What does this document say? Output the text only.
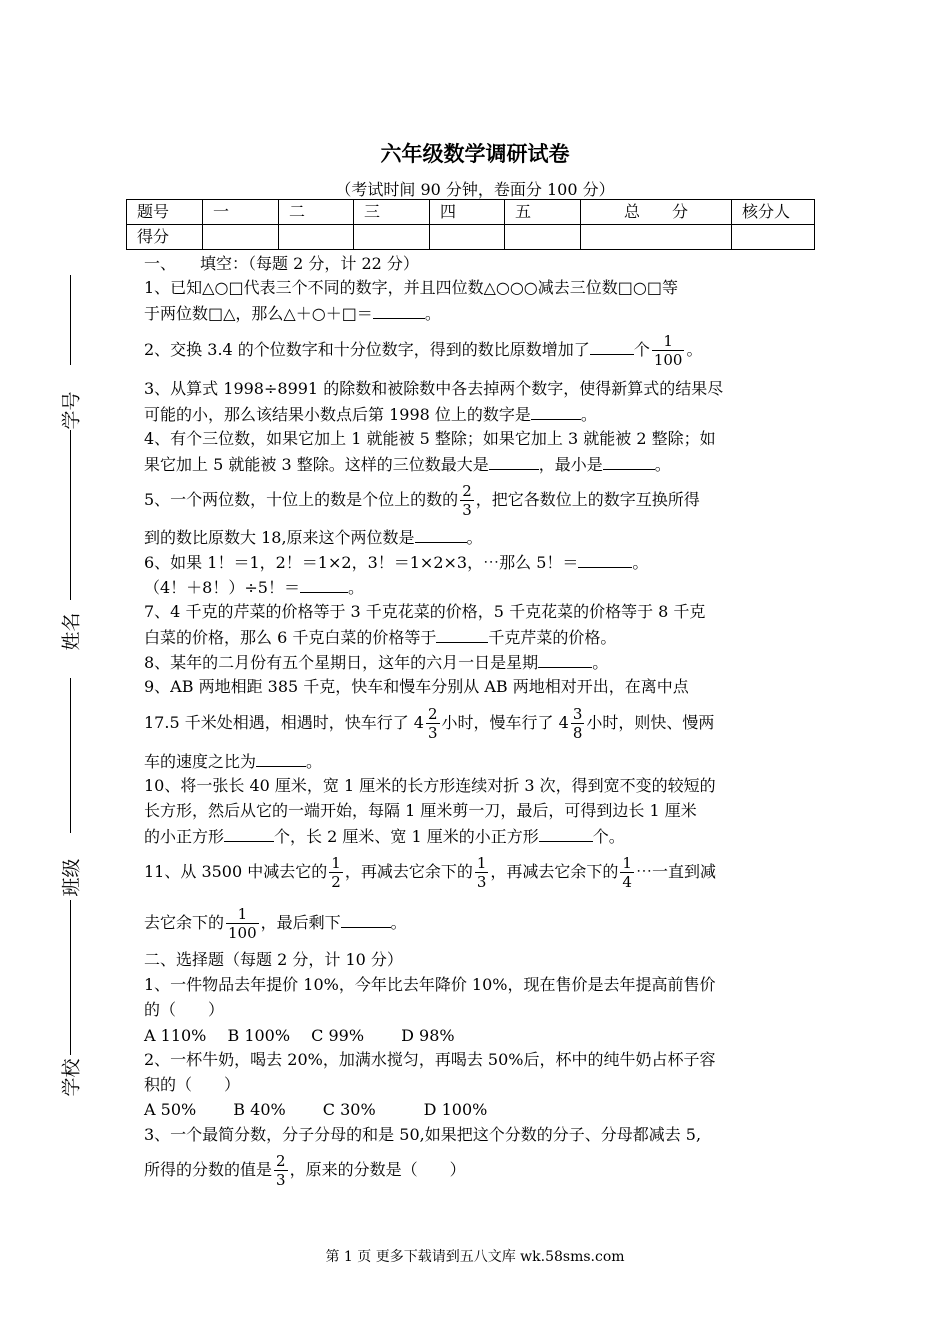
六年级数学调研试卷
（考试时间 90 分钟，卷面分 100 分）
题号	一	二	三	四	五	总　　分	核分人
得分							
学号
姓名
班级
学校
一、　　填空：（每题 2 分，计 22 分）
1、已知△○□代表三个不同的数字，并且四位数△○○○减去三位数□○□等
于两位数□△，那么△＋○＋□＝	。
2、交换 3.4 的个位数字和十分位数字，得到的数比原数增加了	个 $\frac{1}{100}$ 。
3、从算式 1998÷8991 的除数和被除数中各去掉两个数字，使得新算式的结果尽
可能的小，那么该结果小数点后第 1998 位上的数字是	。
4、有个三位数，如果它加上 1 就能被 5 整除；如果它加上 3 就能被 2 整除；如
果它加上 5 就能被 3 整除。这样的三位数最大是	，最小是	。
5、一个两位数，十位上的数是个位上的数的 $\frac{2}{3}$ ，把它各数位上的数字互换所得
到的数比原数大 18,原来这个两位数是	。
6、如果 1！＝1，2！＝1×2，3！＝1×2×3，⋯那么 5！＝	。
（4！＋8！）÷5！＝	。
7、4 千克的芹菜的价格等于 3 千克花菜的价格，5 千克花菜的价格等于 8 千克
白菜的价格，那么 6 千克白菜的价格等于	千克芹菜的价格。
8、某年的二月份有五个星期日，这年的六月一日是星期	。
9、AB 两地相距 385 千克，快车和慢车分别从 AB 两地相对开出，在离中点
17.5 千米处相遇，相遇时，快车行了 $4 \frac{2}{3}$ 小时，慢车行了 $4 \frac{3}{8}$ 小时，则快、慢两
车的速度之比为	。
10、将一张长 40 厘米，宽 1 厘米的长方形连续对折 3 次，得到宽不变的较短的
长方形，然后从它的一端开始，每隔 1 厘米剪一刀，最后，可得到边长 1 厘米
的小正方形	个，长 2 厘米、宽 1 厘米的小正方形	个。
11、从 3500 中减去它的 $\frac{1}{2}$ ，再减去它余下的 $\frac{1}{3}$ ，再减去它余下的 $\frac{1}{4}$ ⋯一直到减
去它余下的 $\frac{1}{100}$ ，最后剩下	。
二、选择题（每题 2 分，计 10 分）
1、一件物品去年提价 10%，今年比去年降价 10%，现在售价是去年提高前售价
的（　　）
A 110%　 B 100%　 C 99%　　 D 98%
2、一杯牛奶，喝去 20%，加满水搅匀，再喝去 50%后，杯中的纯牛奶占杯子容
积的（　　）
A 50%　　 B 40%　　 C 30%　　　D 100%
3、一个最简分数，分子分母的和是 50,如果把这个分数的分子、分母都减去 5,
所得的分数的值是 $\frac{2}{3}$ ，原来的分数是（　　）
第 1 页 更多下载请到五八文库 wk.58sms.com
